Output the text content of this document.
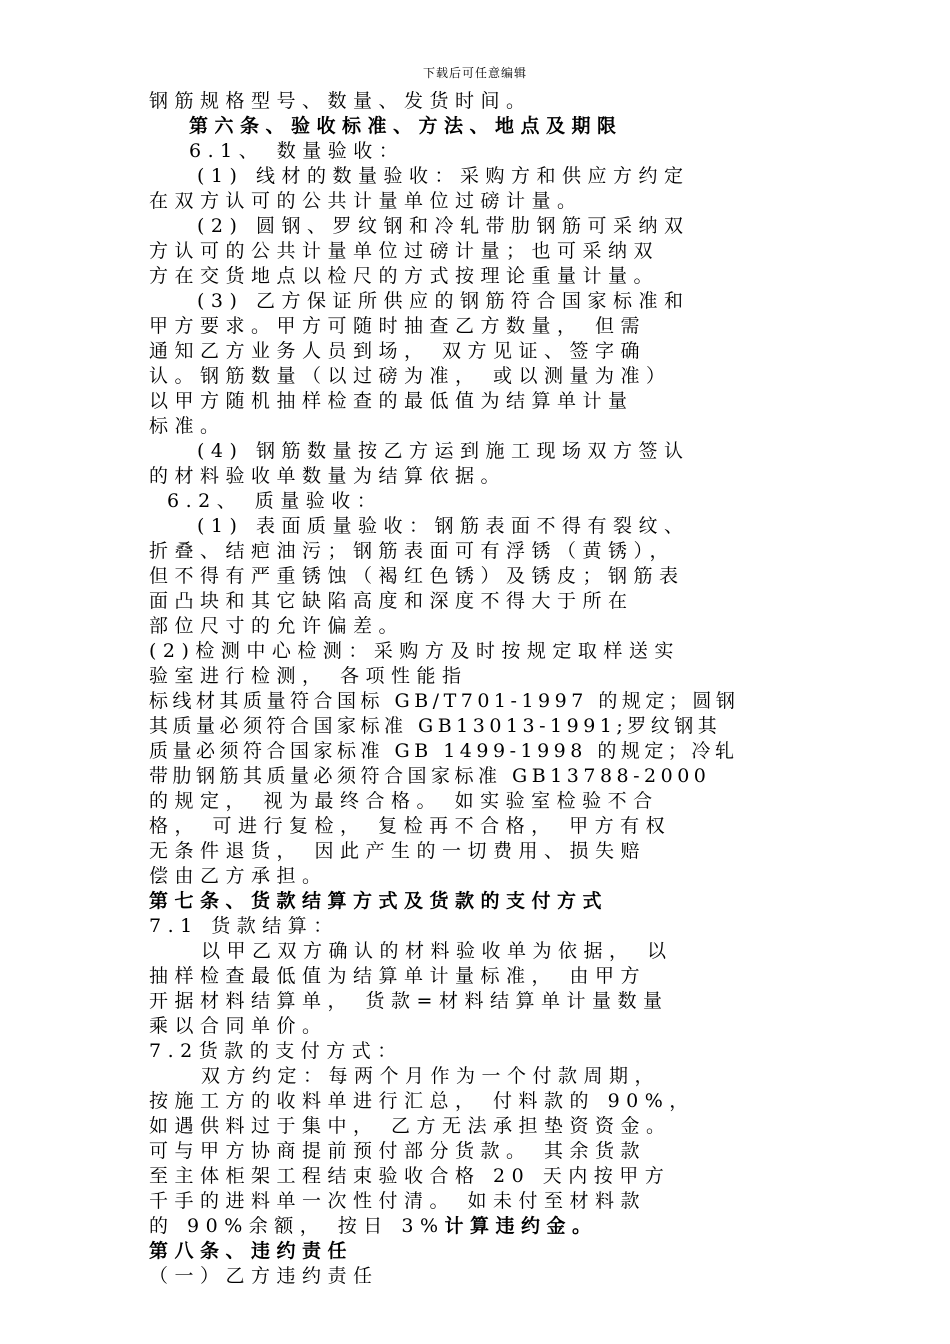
下载后可任意编辑
钢筋规格型号、数量、发货时间。
第六条、验收标准、方法、地点及期限
6.1、 数量验收：
(1) 线材的数量验收：采购方和供应方约定
在双方认可的公共计量单位过磅计量。
(2) 圆钢、罗纹钢和冷轧带肋钢筋可采纳双
方认可的公共计量单位过磅计量；也可采纳双
方在交货地点以检尺的方式按理论重量计量。
(3) 乙方保证所供应的钢筋符合国家标准和
甲方要求。甲方可随时抽查乙方数量， 但需
通知乙方业务人员到场， 双方见证、签字确
认。钢筋数量（以过磅为准， 或以测量为准）
以甲方随机抽样检查的最低值为结算单计量
标准。
(4) 钢筋数量按乙方运到施工现场双方签认
的材料验收单数量为结算依据。
6.2、 质量验收：
(1) 表面质量验收：钢筋表面不得有裂纹、
折叠、结疤油污；钢筋表面可有浮锈（黄锈），
但不得有严重锈蚀（褐红色锈）及锈皮；钢筋表
面凸块和其它缺陷高度和深度不得大于所在
部位尺寸的允许偏差。
(2)检测中心检测：采购方及时按规定取样送实
验室进行检测， 各项性能指
标线材其质量符合国标 GB/T701-1997 的规定；圆钢
其质量必须符合国家标准 GB13013-1991;罗纹钢其
质量必须符合国家标准 GB 1499-1998 的规定；冷轧
带肋钢筋其质量必须符合国家标准 GB13788-2000
的规定， 视为最终合格。 如实验室检验不合
格， 可进行复检， 复检再不合格， 甲方有权
无条件退货， 因此产生的一切费用、损失赔
偿由乙方承担。
第七条、货款结算方式及货款的支付方式
7.1 货款结算：
以甲乙双方确认的材料验收单为依据， 以
抽样检查最低值为结算单计量标准， 由甲方
开据材料结算单， 货款=材料结算单计量数量
乘以合同单价。
7.2货款的支付方式：
双方约定：每两个月作为一个付款周期，
按施工方的收料单进行汇总， 付料款的 90%，
如遇供料过于集中， 乙方无法承担垫资资金。
可与甲方协商提前预付部分货款。 其余货款
至主体柜架工程结束验收合格 20 天内按甲方
千手的进料单一次性付清。 如未付至材料款
的 90%余额， 按日 3%计算违约金。
第八条、违约责任
（一）乙方违约责任
